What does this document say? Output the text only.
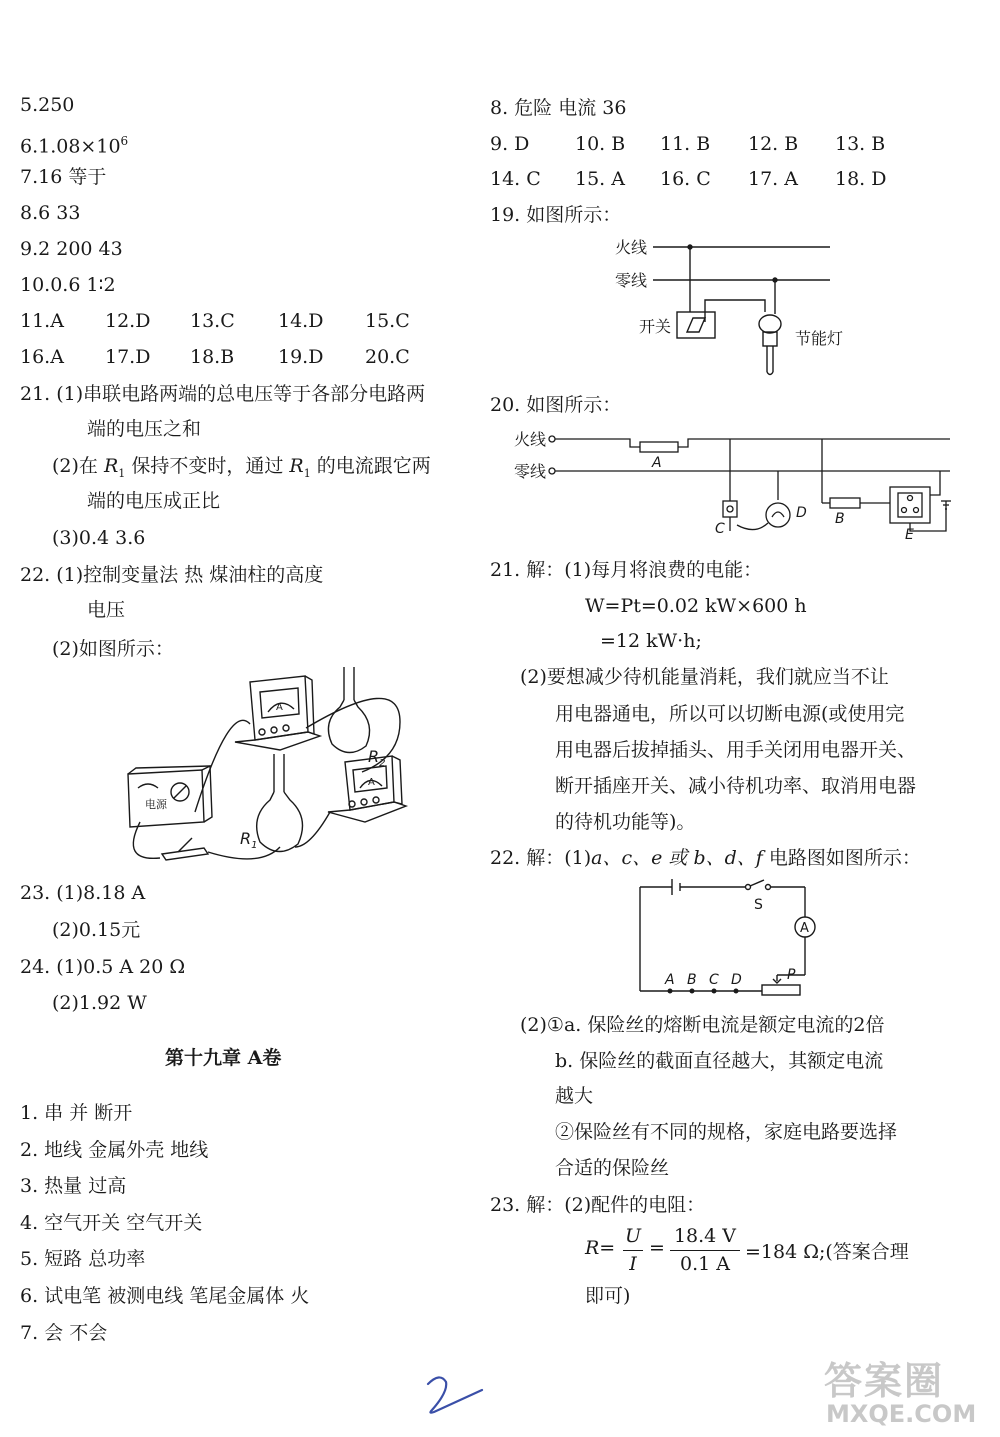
5.250
$6.1.08\times 10^6$
7.16 等于
8.6 33
9.2 200 43
10.0.6 1∶2
11.A 12.D 13.C 14.D 15.C
16.A 17.D 18.B 19.D 20.C
21. (1)串联电路两端的总电压等于各部分电路两
端的电压之和
(2)在 $R_1$ 保持不变时，通过 $R_1$ 的电流跟它两
端的电压成正比
(3)0.4 3.6
22. (1)控制变量法 热 煤油柱的高度
电压
(2)如图所示：
电源
$R_2$
$R_1$
A
A
23. (1)8.18 A
(2)0.15元
24. (1)0.5 A 20 Ω
(2)1.92 W
第十九章 A卷
1. 串 并 断开
2. 地线 金属外壳 地线
3. 热量 过高
4. 空气开关 空气开关
5. 短路 总功率
6. 试电笔 被测电线 笔尾金属体 火
7. 会 不会
8. 危险 电流 36
9. D 10. B 11. B 12. B 13. B
14. C 15. A 16. C 17. A 18. D
19. 如图所示：
火线
零线
开关
节能灯
20. 如图所示：
火线
零线	A
C
D B
E
21. 解：(1)每月将浪费的电能：
W=Pt=0.02 kW×600 h
=12 kW·h;
(2)要想减少待机能量消耗，我们就应当不让
用电器通电，所以可以切断电源(或使用完
用电器后拔掉插头、用手关闭用电器开关、
断开插座开关、减小待机功率、取消用电器
的待机功能等)。
22. 解：(1)a、c、e 或 b、d、f 电路图如图所示：
S
A
P
A B C D
(2)①a. 保险丝的熔断电流是额定电流的2倍
b. 保险丝的截面直径越大，其额定电流
越大
②保险丝有不同的规格，家庭电路要选择
合适的保险丝
23. 解：(2)配件的电阻：
R=
U
I
=
18.4 V
0.1 A
=184 Ω;(答案合理
即可)
答案圈
MXQE.COM
